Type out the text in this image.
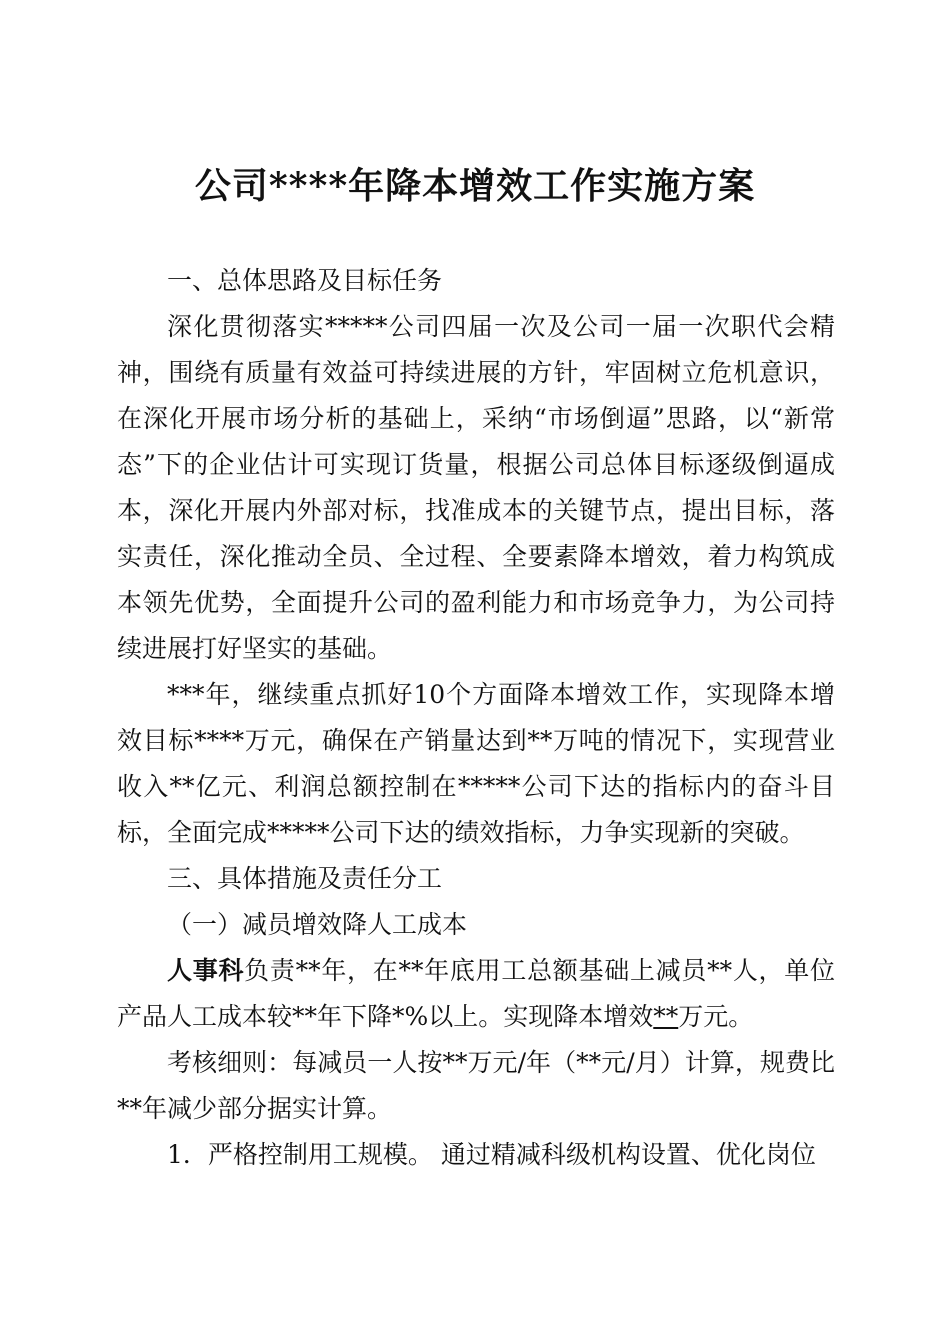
公司****年降本增效工作实施方案

一、总体思路及目标任务

深化贯彻落实*****公司四届一次及公司一届一次职代会精神，围绕有质量有效益可持续进展的方针，牢固树立危机意识，在深化开展市场分析的基础上，采纳“市场倒逼”思路，以“新常态”下的企业估计可实现订货量，根据公司总体目标逐级倒逼成本，深化开展内外部对标，找准成本的关键节点，提出目标，落实责任，深化推动全员、全过程、全要素降本增效，着力构筑成本领先优势，全面提升公司的盈利能力和市场竞争力，为公司持续进展打好坚实的基础。

***年，继续重点抓好10个方面降本增效工作，实现降本增效目标****万元，确保在产销量达到**万吨的情况下，实现营业收入**亿元、利润总额控制在*****公司下达的指标内的奋斗目标，全面完成*****公司下达的绩效指标，力争实现新的突破。

三、具体措施及责任分工

（一）减员增效降人工成本

人事科负责**年，在**年底用工总额基础上减员**人，单位产品人工成本较**年下降*%以上。实现降本增效**万元。

考核细则：每减员一人按**万元/年（**元/月）计算，规费比**年减少部分据实计算。

1．严格控制用工规模。 通过精减科级机构设置、优化岗位
